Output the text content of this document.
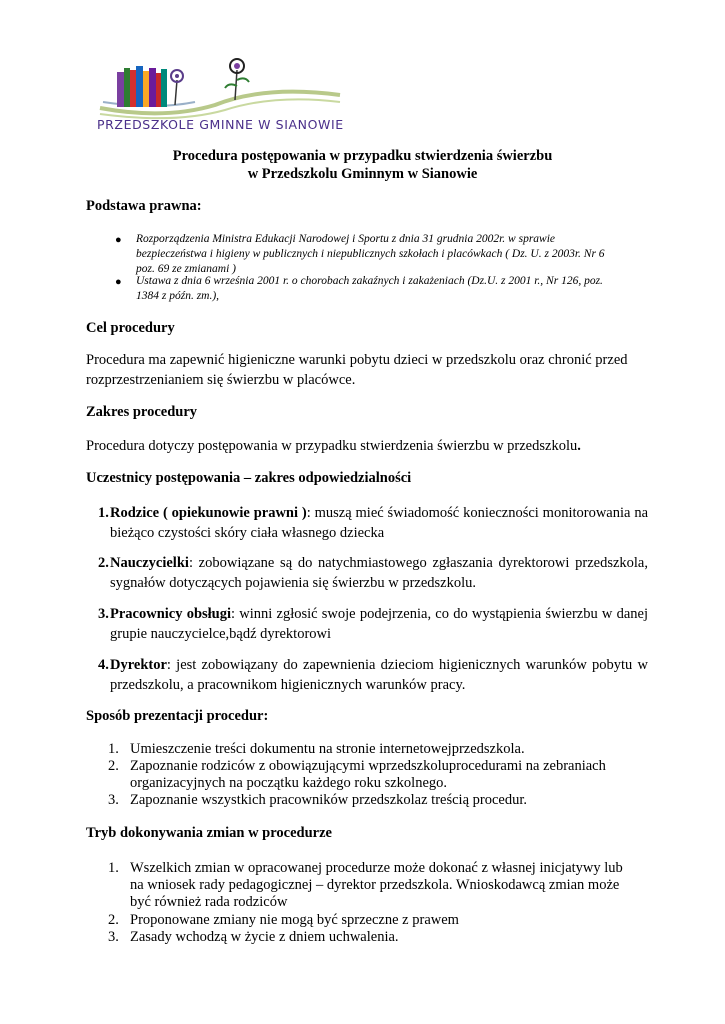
PRZEDSZKOLE GMINNE W SIANOWIE
Procedura postępowania w przypadku stwierdzenia świerzbu
w Przedszkolu Gminnym w Sianowie
Podstawa prawna:
● Rozporządzenia Ministra Edukacji Narodowej i Sportu z dnia 31 grudnia 2002r. w sprawie
bezpieczeństwa i higieny w publicznych i niepublicznych szkołach i placówkach ( Dz. U. z 2003r. Nr 6
poz. 69 ze zmianami )
● Ustawa z dnia 6 września 2001 r. o chorobach zakaźnych i zakażeniach (Dz.U. z 2001 r., Nr 126, poz.
1384 z późn. zm.),
Cel procedury
Procedura ma zapewnić higieniczne warunki pobytu dzieci w przedszkolu oraz chronić przed
rozprzestrzenianiem się świerzbu w placówce.
Zakres procedury
Procedura dotyczy postępowania w przypadku stwierdzenia świerzbu w przedszkolu.
Uczestnicy postępowania – zakres odpowiedzialności
1. Rodzice ( opiekunowie prawni ): muszą mieć świadomość konieczności monitorowania na bieżąco czystości skóry ciała własnego dziecka
2. Nauczycielki: zobowiązane są do natychmiastowego zgłaszania dyrektorowi przedszkola, sygnałów dotyczących pojawienia się świerzbu w przedszkolu.
3. Pracownicy obsługi: winni zgłosić swoje podejrzenia, co do wystąpienia świerzbu w danej grupie nauczycielce,bądź dyrektorowi
4. Dyrektor: jest zobowiązany do zapewnienia dzieciom higienicznych warunków pobytu w przedszkolu, a pracownikom higienicznych warunków pracy.
Sposób prezentacji procedur:
1. Umieszczenie treści dokumentu na stronie internetowejprzedszkola.
2. Zapoznanie rodziców z obowiązującymi wprzedszkoluprocedurami na zebraniach organizacyjnych na początku każdego roku szkolnego.
3. Zapoznanie wszystkich pracowników przedszkolaz treścią procedur.
Tryb dokonywania zmian w procedurze
1. Wszelkich zmian w opracowanej procedurze może dokonać z własnej inicjatywy lub na wniosek rady pedagogicznej – dyrektor przedszkola. Wnioskodawcą zmian może być również rada rodziców
2. Proponowane zmiany nie mogą być sprzeczne z prawem
3. Zasady wchodzą w życie z dniem uchwalenia.
